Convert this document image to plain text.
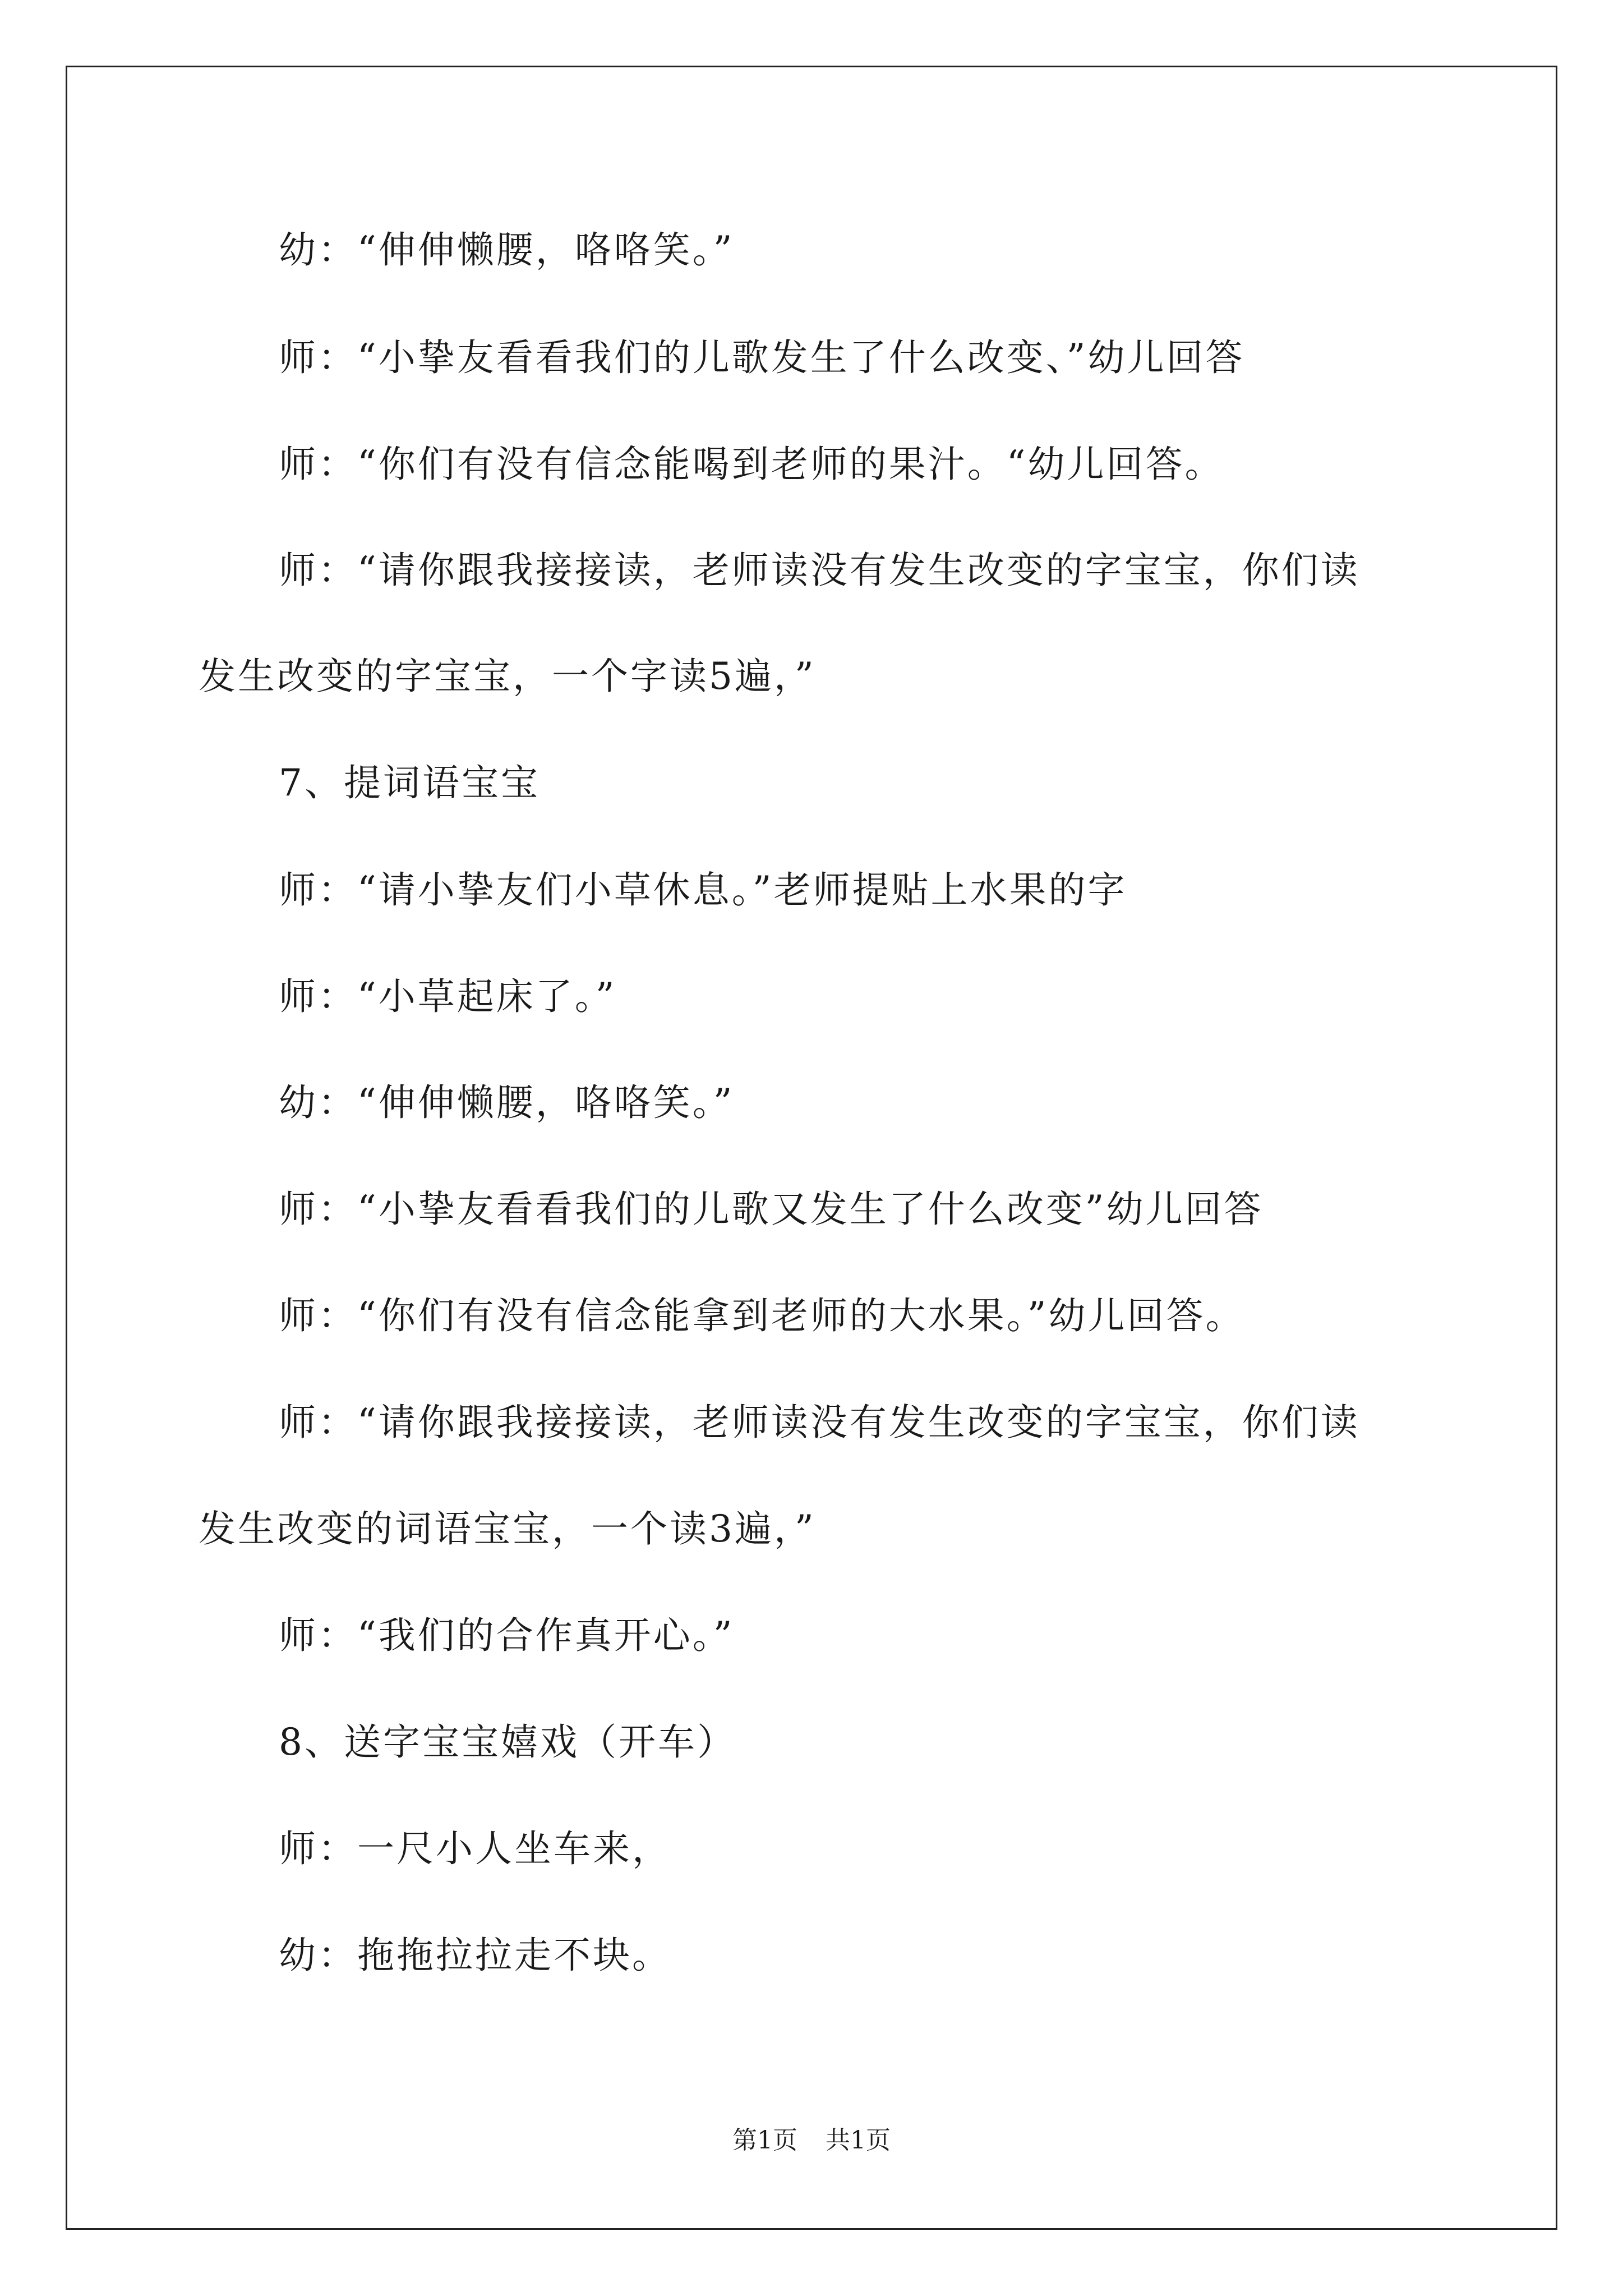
幼：“伸伸懒腰，咯咯笑。”
师：“小挚友看看我们的儿歌发生了什么改变、”幼儿回答
师：“你们有没有信念能喝到老师的果汁。“幼儿回答。
师：“请你跟我接接读，老师读没有发生改变的字宝宝，你们读
发生改变的字宝宝，一个字读5遍，”
7、提词语宝宝
师：“请小挚友们小草休息。”老师提贴上水果的字
师：“小草起床了。”
幼：“伸伸懒腰，咯咯笑。”
师：“小挚友看看我们的儿歌又发生了什么改变”幼儿回答
师：“你们有没有信念能拿到老师的大水果。”幼儿回答。
师：“请你跟我接接读，老师读没有发生改变的字宝宝，你们读
发生改变的词语宝宝，一个读3遍，”
师：“我们的合作真开心。”
8、送字宝宝嬉戏（开车）
师：一尺小人坐车来，
幼：拖拖拉拉走不块。
第1页 共1页
